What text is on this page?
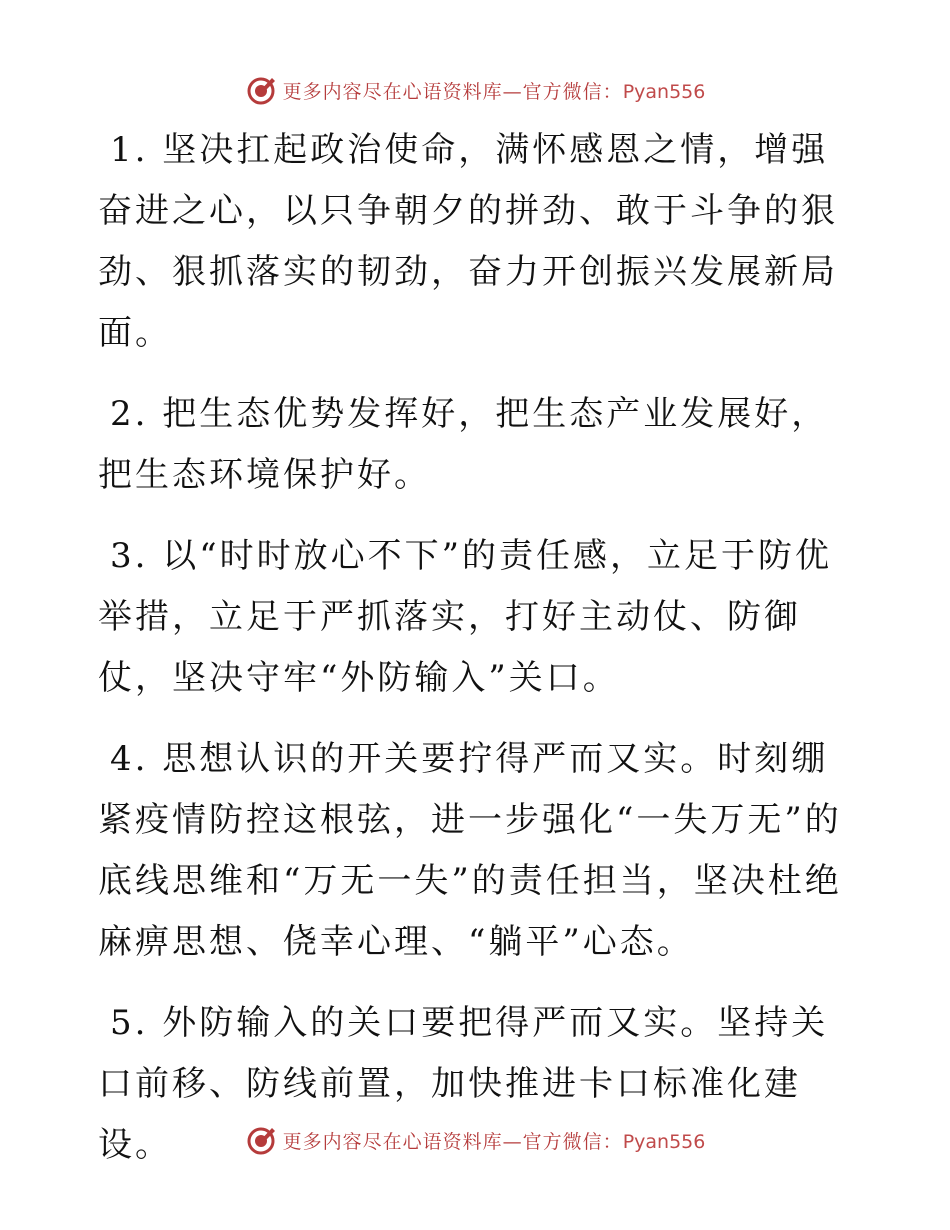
更多内容尽在心语资料库—官方微信：Pyan556

1. 坚决扛起政治使命，满怀感恩之情，增强奋进之心，以只争朝夕的拼劲、敢于斗争的狠劲、狠抓落实的韧劲，奋力开创振兴发展新局面。

2. 把生态优势发挥好，把生态产业发展好，把生态环境保护好。

3. 以“时时放心不下”的责任感，立足于防优举措，立足于严抓落实，打好主动仗、防御仗，坚决守牢“外防输入”关口。

4. 思想认识的开关要拧得严而又实。时刻绷紧疫情防控这根弦，进一步强化“一失万无”的底线思维和“万无一失”的责任担当，坚决杜绝麻痹思想、侥幸心理、“躺平”心态。

5. 外防输入的关口要把得严而又实。坚持关口前移、防线前置，加快推进卡口标准化建设。	更多内容尽在心语资料库—官方微信：Pyan556
